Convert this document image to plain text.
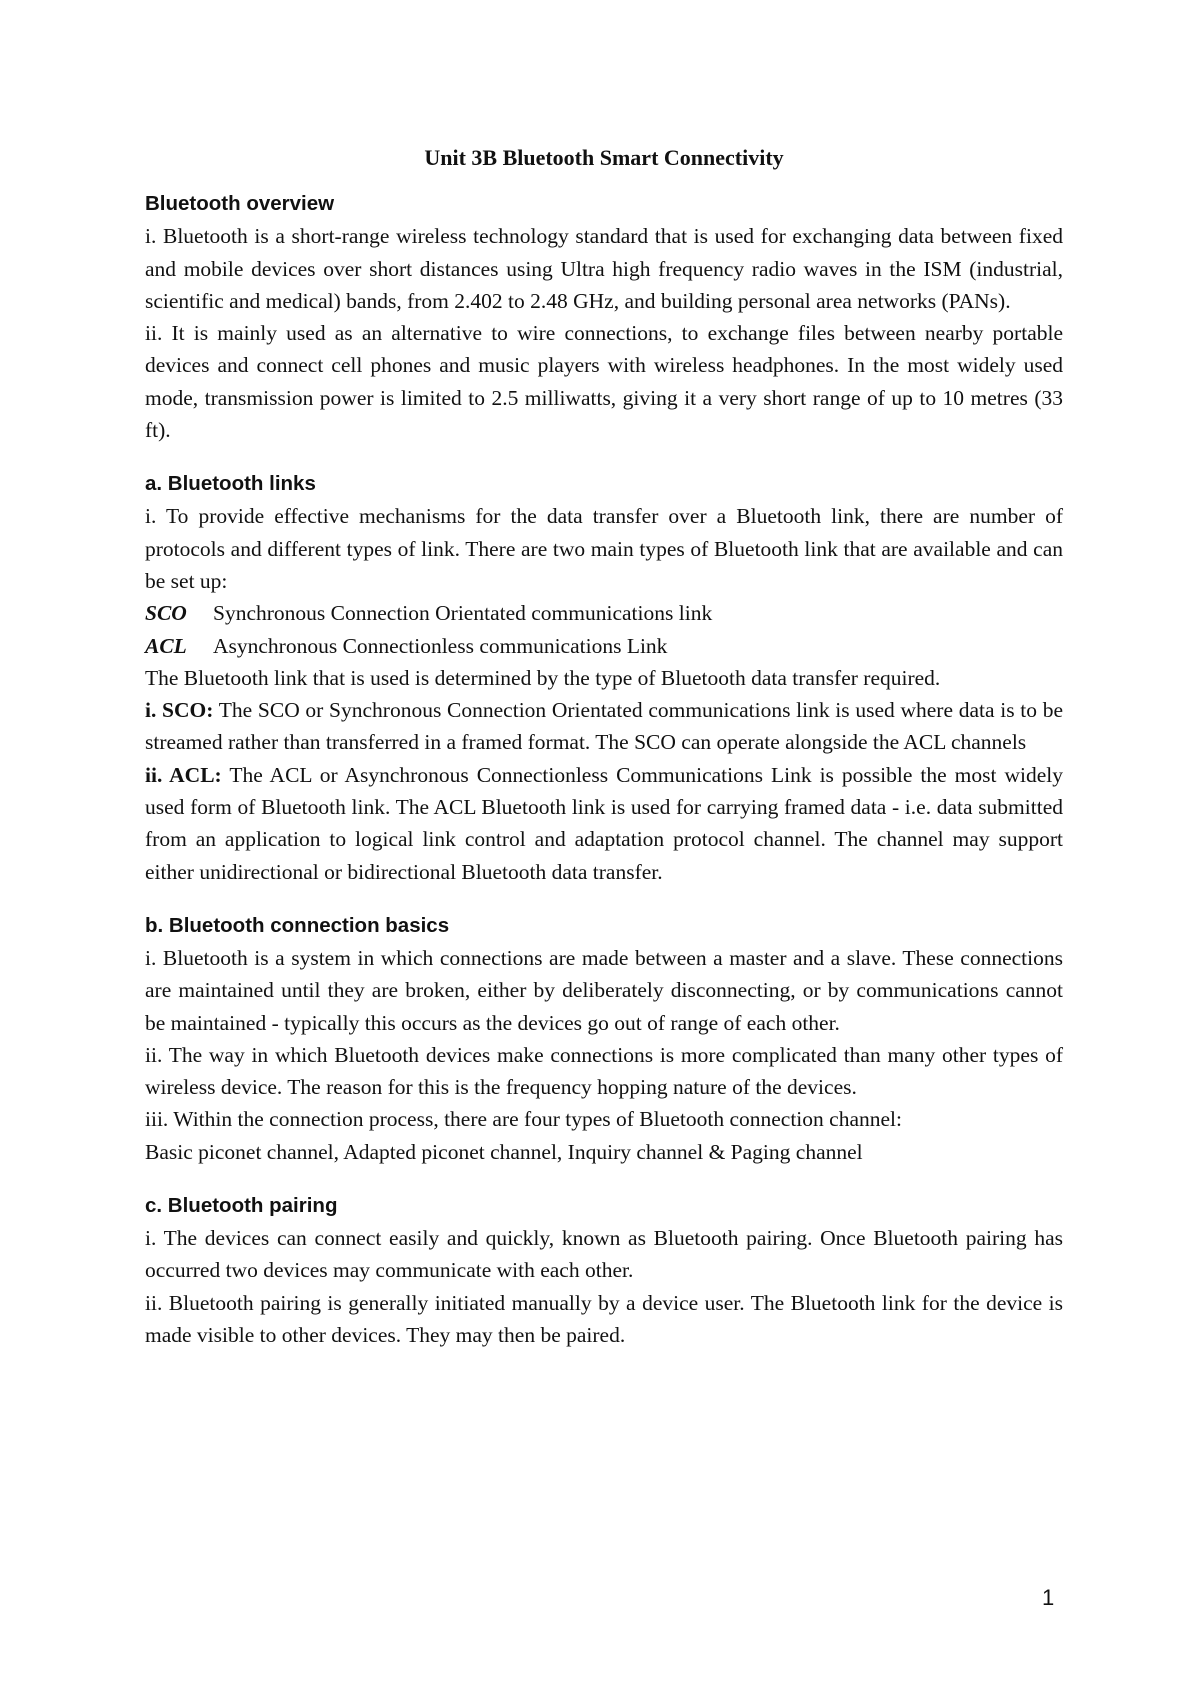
Unit 3B Bluetooth Smart Connectivity
Bluetooth overview

i. Bluetooth is a short-range wireless technology standard that is used for exchanging data between fixed and mobile devices over short distances using Ultra high frequency radio waves in the ISM (industrial, scientific and medical) bands, from 2.402 to 2.48 GHz, and building personal area networks (PANs).

ii. It is mainly used as an alternative to wire connections, to exchange files between nearby portable devices and connect cell phones and music players with wireless headphones. In the most widely used mode, transmission power is limited to 2.5 milliwatts, giving it a very short range of up to 10 metres (33 ft).

a. Bluetooth links

i. To provide effective mechanisms for the data transfer over a Bluetooth link, there are number of protocols and different types of link. There are two main types of Bluetooth link that are available and can be set up:

SCO Synchronous Connection Orientated communications link

ACL Asynchronous Connectionless communications Link

The Bluetooth link that is used is determined by the type of Bluetooth data transfer required.

i. SCO: The SCO or Synchronous Connection Orientated communications link is used where data is to be streamed rather than transferred in a framed format. The SCO can operate alongside the ACL channels

ii. ACL: The ACL or Asynchronous Connectionless Communications Link is possible the most widely used form of Bluetooth link. The ACL Bluetooth link is used for carrying framed data - i.e. data submitted from an application to logical link control and adaptation protocol channel. The channel may support either unidirectional or bidirectional Bluetooth data transfer.

b. Bluetooth connection basics

i. Bluetooth is a system in which connections are made between a master and a slave. These connections are maintained until they are broken, either by deliberately disconnecting, or by communications cannot be maintained - typically this occurs as the devices go out of range of each other.

ii. The way in which Bluetooth devices make connections is more complicated than many other types of wireless device. The reason for this is the frequency hopping nature of the devices.

iii. Within the connection process, there are four types of Bluetooth connection channel:

Basic piconet channel, Adapted piconet channel, Inquiry channel & Paging channel

c. Bluetooth pairing

i. The devices can connect easily and quickly, known as Bluetooth pairing. Once Bluetooth pairing has occurred two devices may communicate with each other.

ii. Bluetooth pairing is generally initiated manually by a device user. The Bluetooth link for the device is made visible to other devices. They may then be paired.

1
